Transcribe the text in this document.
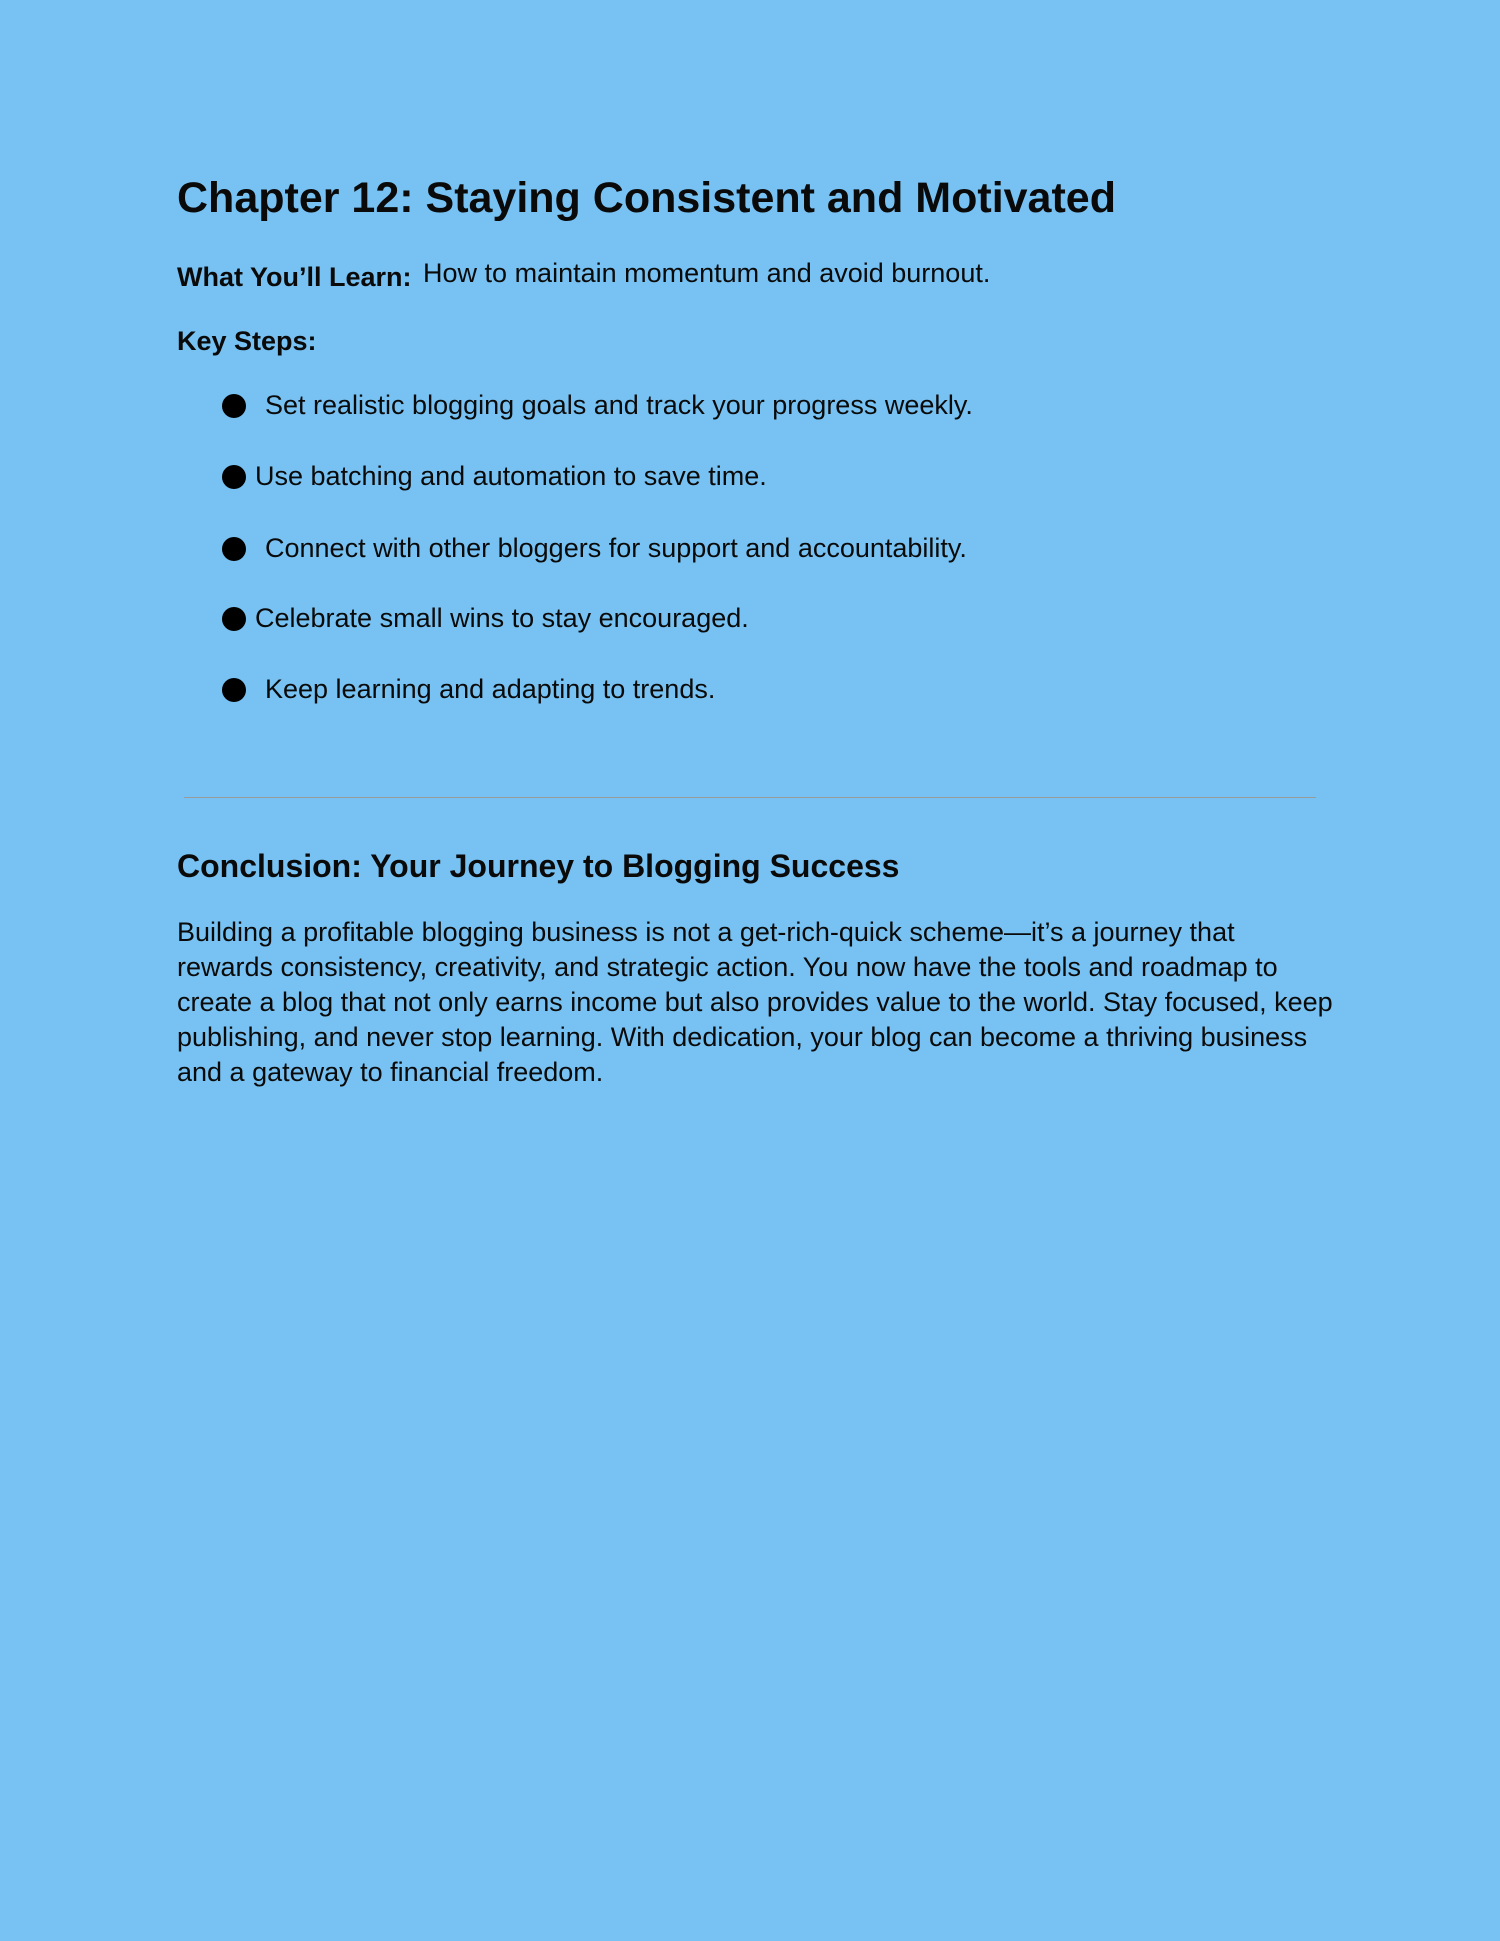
Chapter 12: Staying Consistent and Motivated
What You’ll Learn: How to maintain momentum and avoid burnout.
Key Steps:
Set realistic blogging goals and track your progress weekly.
Use batching and automation to save time.
Connect with other bloggers for support and accountability.
Celebrate small wins to stay encouraged.
Keep learning and adapting to trends.
Conclusion: Your Journey to Blogging Success

Building a profitable blogging business is not a get-rich-quick scheme—it’s a journey that rewards consistency, creativity, and strategic action. You now have the tools and roadmap to create a blog that not only earns income but also provides value to the world. Stay focused, keep publishing, and never stop learning. With dedication, your blog can become a thriving business and a gateway to financial freedom.
